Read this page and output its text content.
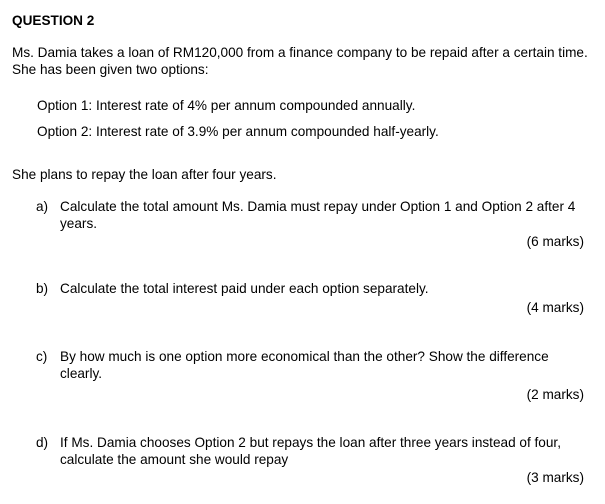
QUESTION 2
Ms. Damia takes a loan of RM120,000 from a finance company to be repaid after a certain time. She has been given two options:
Option 1: Interest rate of 4% per annum compounded annually.
Option 2: Interest rate of 3.9% per annum compounded half-yearly.
She plans to repay the loan after four years.
a) Calculate the total amount Ms. Damia must repay under Option 1 and Option 2 after 4 years.
(6 marks)
b) Calculate the total interest paid under each option separately.
(4 marks)
c) By how much is one option more economical than the other? Show the difference clearly.
(2 marks)
d) If Ms. Damia chooses Option 2 but repays the loan after three years instead of four, calculate the amount she would repay
(3 marks)
